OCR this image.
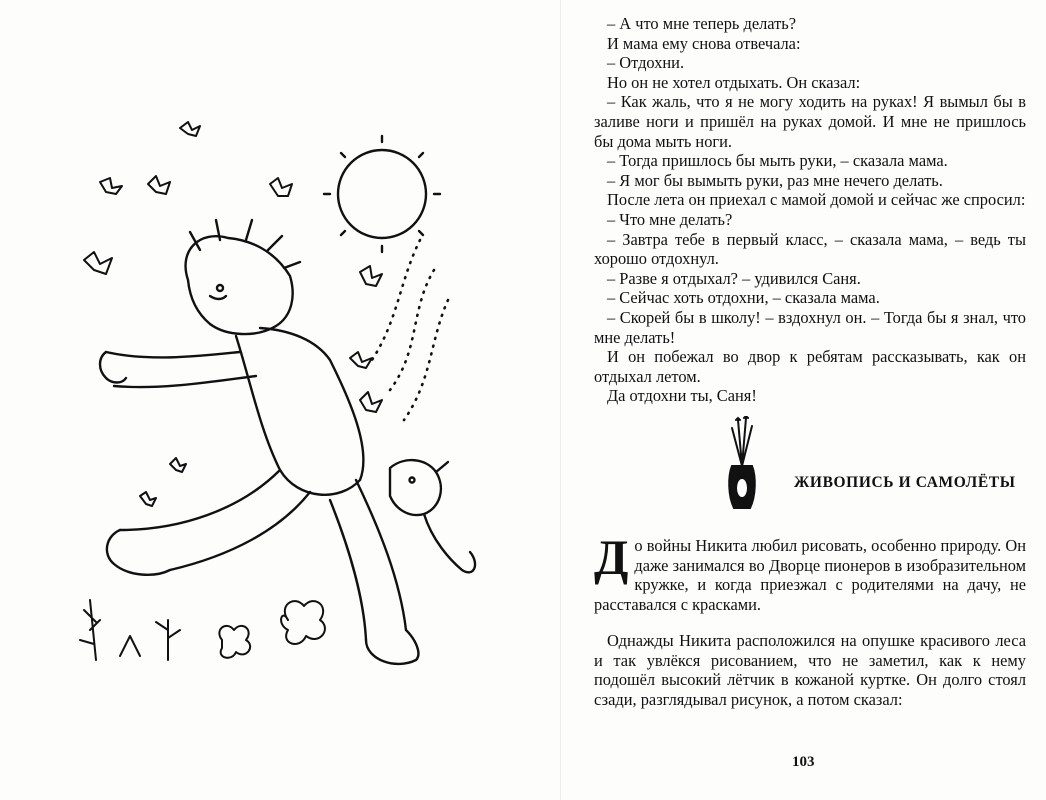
– А что мне теперь делать?

И мама ему снова отвечала:

– Отдохни.

Но он не хотел отдыхать. Он сказал:

– Как жаль, что я не могу ходить на руках! Я вымыл бы в заливе ноги и пришёл на руках домой. И мне не пришлось бы дома мыть ноги.

– Тогда пришлось бы мыть руки, – сказала мама.

– Я мог бы вымыть руки, раз мне нечего делать.

После лета он приехал с мамой домой и сейчас же спросил:

– Что мне делать?

– Завтра тебе в первый класс, – сказала мама, – ведь ты хорошо отдохнул.

– Разве я отдыхал? – удивился Саня.

– Сейчас хоть отдохни, – сказала мама.

– Скорей бы в школу! – вздохнул он. – Тогда бы я знал, что мне делать!

И он побежал во двор к ребятам рассказывать, как он отдыхал летом.

Да отдохни ты, Саня!

ЖИВОПИСЬ И САМОЛЁТЫ

До войны Никита любил рисовать, особенно природу. Он даже занимался во Дворце пионеров в изобразительном кружке, и когда приезжал с родителями на дачу, не расставался с красками.

Однажды Никита расположился на опушке красивого леса и так увлёкся рисованием, что не заметил, как к нему подошёл высокий лётчик в кожаной куртке. Он долго стоял сзади, разглядывал рисунок, а потом сказал:

103
